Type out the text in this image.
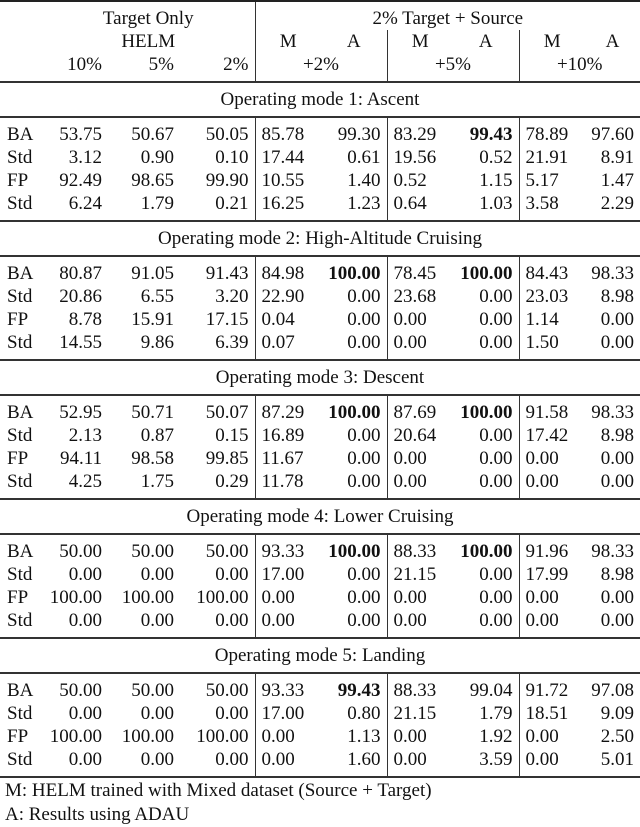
	Target Only			2% Target + Source					
	HELM			M	A	M	A	M	A
	10%	5%	2%	+2%		+5%		+10%	
Operating mode 1: Ascent									
BA	53.75	50.67	50.05	85.78	99.30	83.29	99.43	78.89	97.60
Std	3.12	0.90	0.10	17.44	0.61	19.56	0.52	21.91	8.91
FP	92.49	98.65	99.90	10.55	1.40	0.52	1.15	5.17	1.47
Std	6.24	1.79	0.21	16.25	1.23	0.64	1.03	3.58	2.29
Operating mode 2: High-Altitude Cruising									
BA	80.87	91.05	91.43	84.98	100.00	78.45	100.00	84.43	98.33
Std	20.86	6.55	3.20	22.90	0.00	23.68	0.00	23.03	8.98
FP	8.78	15.91	17.15	0.04	0.00	0.00	0.00	1.14	0.00
Std	14.55	9.86	6.39	0.07	0.00	0.00	0.00	1.50	0.00
Operating mode 3: Descent									
BA	52.95	50.71	50.07	87.29	100.00	87.69	100.00	91.58	98.33
Std	2.13	0.87	0.15	16.89	0.00	20.64	0.00	17.42	8.98
FP	94.11	98.58	99.85	11.67	0.00	0.00	0.00	0.00	0.00
Std	4.25	1.75	0.29	11.78	0.00	0.00	0.00	0.00	0.00
Operating mode 4: Lower Cruising									
BA	50.00	50.00	50.00	93.33	100.00	88.33	100.00	91.96	98.33
Std	0.00	0.00	0.00	17.00	0.00	21.15	0.00	17.99	8.98
FP	100.00	100.00	100.00	0.00	0.00	0.00	0.00	0.00	0.00
Std	0.00	0.00	0.00	0.00	0.00	0.00	0.00	0.00	0.00
Operating mode 5: Landing									
BA	50.00	50.00	50.00	93.33	99.43	88.33	99.04	91.72	97.08
Std	0.00	0.00	0.00	17.00	0.80	21.15	1.79	18.51	9.09
FP	100.00	100.00	100.00	0.00	1.13	0.00	1.92	0.00	2.50
Std	0.00	0.00	0.00	0.00	1.60	0.00	3.59	0.00	5.01
M: HELM trained with Mixed dataset (Source + Target)
A: Results using ADAU
